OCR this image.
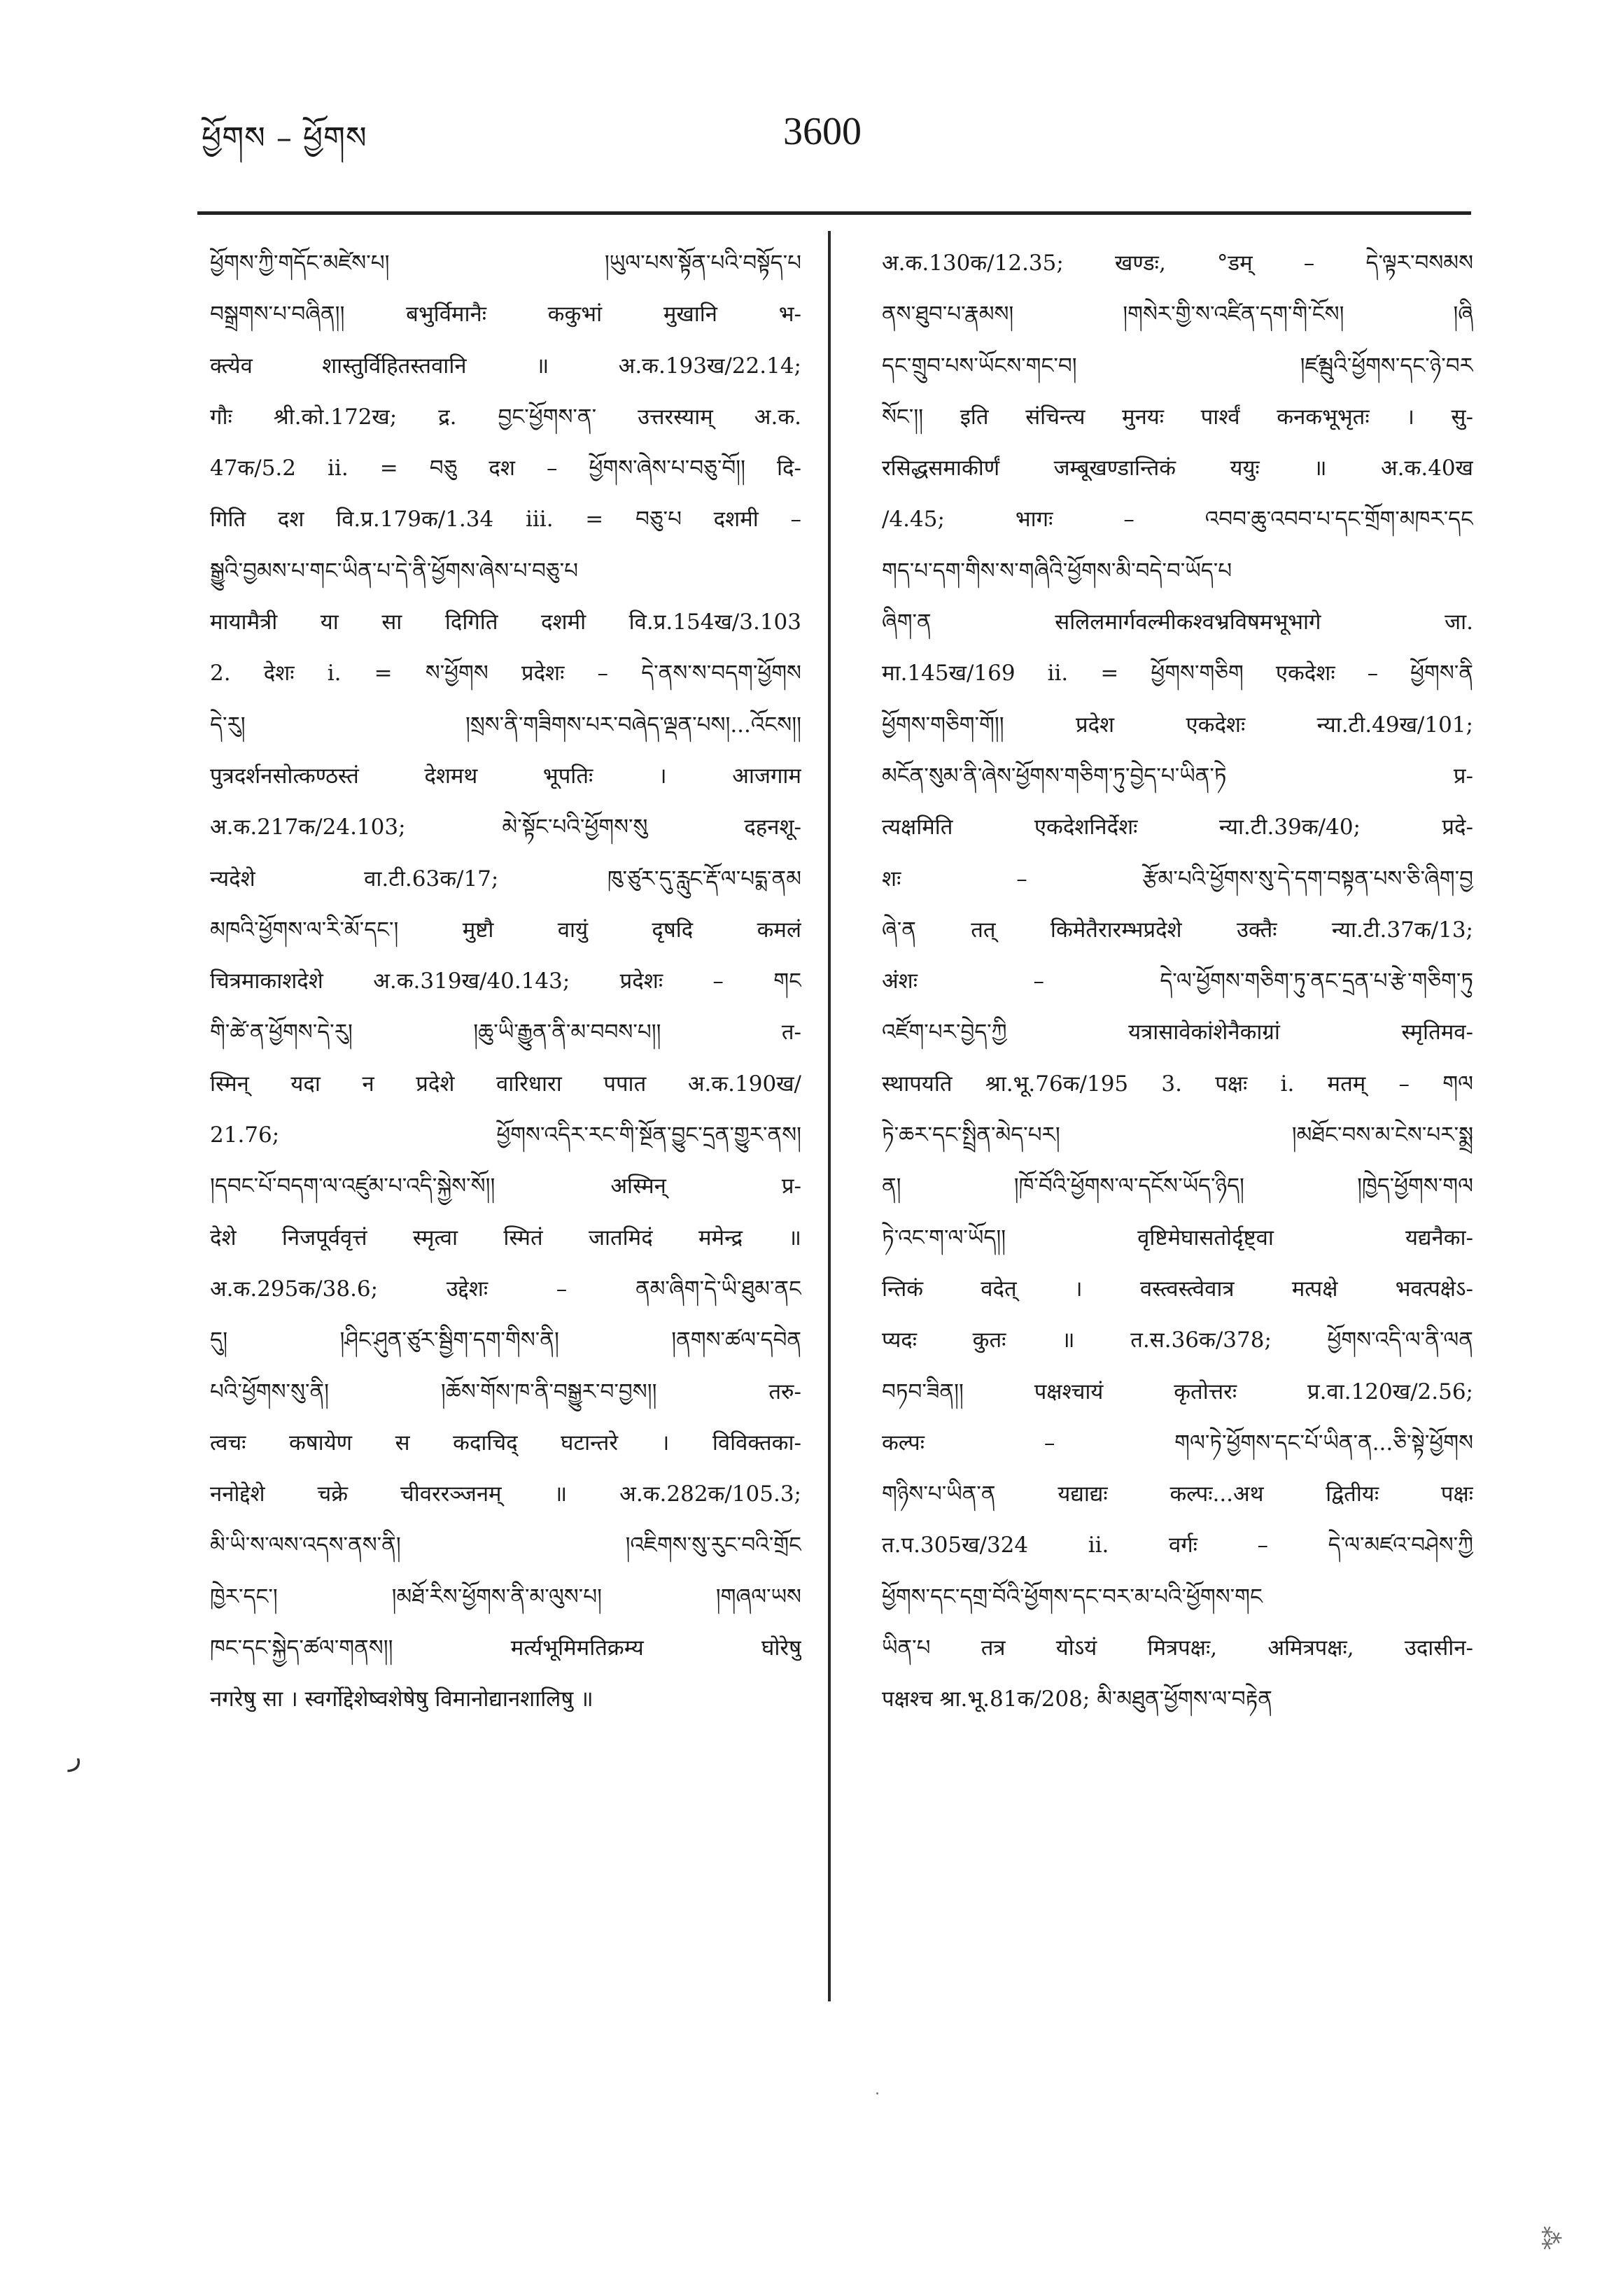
ཕྱོགས – ཕྱོགས	3600
ཕྱོགས་ཀྱི་གདོང་མཛེས་པ། །ཡུལ་པས་སྟོན་པའི་བསྟོད་པ
བསྒྲགས་པ་བཞིན།། बभुर्विमानैः ककुभां मुखानि भ-
क्त्येव शास्तुर्विहितस्तवानि ॥ अ.क.193ख/22.14;
गौः श्री.को.172ख; द्र. བྱང་ཕྱོགས་ན་ उत्तरस्याम् अ.क.
47क/5.2 ii. = བཅུ दश – ཕྱོགས་ཞེས་པ་བཅུ་བོ།། दि-
गिति दश वि.प्र.179क/1.34 iii. = བཅུ་པ दशमी –
སྒྱུའི་བྱམས་པ་གང་ཡིན་པ་དེ་ནི་ཕྱོགས་ཞེས་པ་བཅུ་པ
मायामैत्री या सा दिगिति दशमी वि.प्र.154ख/3.103
2. देशः i. = ས་ཕྱོགས प्रदेशः – དེ་ནས་ས་བདག་ཕྱོགས
དེ་རུ། །སྲས་ནི་གཟིགས་པར་བཞེད་ལྡན་པས།...འོངས།།
पुत्रदर्शनसोत्कण्ठस्तं देशमथ भूपतिः । आजगाम
अ.क.217क/24.103; མེ་སྟོང་པའི་ཕྱོགས་སུ दहनशू-
न्यदेशे वा.टी.63क/17; ཁུ་ཙུར་དུ་རླུང་རྡོ་ལ་པདྨ་ནམ
མཁའི་ཕྱོགས་ལ་རི་མོ་དང་། मुष्टौ वायुं दृषदि कमलं
चित्रमाकाशदेशे अ.क.319ख/40.143; प्रदेशः – གང
གི་ཚེ་ན་ཕྱོགས་དེ་རུ། །ཆུ་ཡི་རྒྱུན་ནི་མ་བབས་པ།། त-
स्मिन् यदा न प्रदेशे वारिधारा पपात अ.क.190ख/
21.76; ཕྱོགས་འདིར་རང་གི་སྔོན་བྱུང་དྲན་གྱུར་ནས།
།དབང་པོ་བདག་ལ་འཛུམ་པ་འདི་སྐྱེས་སོ།། अस्मिन् प्र-
देशे निजपूर्ववृत्तं स्मृत्वा स्मितं जातमिदं ममेन्द्र ॥
अ.क.295क/38.6; उद्देशः – ནམ་ཞིག་དེ་ཡི་ཐུམ་ནང
དུ། །ཤིང་ཤུན་ཙུར་སྦྱིག་དག་གིས་ནི། །ནགས་ཚལ་དབེན
པའི་ཕྱོགས་སུ་ནི། །ཆོས་གོས་ཁ་ནི་བསྒྱུར་བ་བྱས།། तरु-
त्वचः कषायेण स कदाचिद् घटान्तरे । विविक्तका-
ननोद्देशे चक्रे चीवररञ्जनम् ॥ अ.क.282क/105.3;
མི་ཡི་ས་ལས་འདས་ནས་ནི། །འཇིགས་སུ་རུང་བའི་གྲོང
ཁྱེར་དང་། །མཐོ་རིས་ཕྱོགས་ནི་མ་ལུས་པ། །གཞལ་ཡས
ཁང་དང་སྐྱེད་ཚལ་གནས།། मर्त्यभूमिमतिक्रम्य घोरेषु
नगरेषु सा । स्वर्गोद्देशेष्वशेषेषु विमानोद्यानशालिषु ॥
अ.क.130क/12.35; खण्डः, °डम् – དེ་ལྟར་བསམས
ནས་ཐུབ་པ་རྣམས། །གསེར་གྱི་ས་འཛིན་དག་གི་ངོས། །ཞི
དང་གྲུབ་པས་ཡོངས་གང་བ། །ཛམྦུའི་ཕྱོགས་དང་ཉེ་བར
སོང་།། इति संचिन्त्य मुनयः पार्श्वं कनकभूभृतः । सु-
रसिद्धसमाकीर्णं जम्बूखण्डान्तिकं ययुः ॥ अ.क.40ख
/4.45; भागः – འབབ་ཆུ་འབབ་པ་དང་གྲོག་མཁར་དང
གད་པ་དག་གིས་ས་གཞིའི་ཕྱོགས་མི་བདེ་བ་ཡོད་པ
ཞིག་ན सलिलमार्गवल्मीकश्वभ्रविषमभूभागे जा.
मा.145ख/169 ii. = ཕྱོགས་གཅིག एकदेशः – ཕྱོགས་ནི
ཕྱོགས་གཅིག་གོ།། प्रदेश एकदेशः न्या.टी.49ख/101;
མངོན་སུམ་ནི་ཞེས་ཕྱོགས་གཅིག་ཏུ་བྱེད་པ་ཡིན་ཏེ प्र-
त्यक्षमिति एकदेशनिर्देशः न्या.टी.39क/40; प्रदे-
शः – རྩོམ་པའི་ཕྱོགས་སུ་དེ་དག་བསྟན་པས་ཅི་ཞིག་བྱ
ཞེ་ན तत् किमेतैरारम्भप्रदेशे उक्तैः न्या.टी.37क/13;
अंशः – དེ་ལ་ཕྱོགས་གཅིག་ཏུ་ནང་དྲན་པ་རྩེ་གཅིག་ཏུ
འཛོག་པར་བྱེད་ཀྱི यत्रासावेकांशेनैकाग्रां स्मृतिमव-
स्थापयति श्रा.भू.76क/195 3. पक्षः i. मतम् – གལ
ཏེ་ཆར་དང་སྤྲིན་མེད་པར། །མཐོང་བས་མ་ངེས་པར་སྨྲ
ན། །ཁོ་བོའི་ཕྱོགས་ལ་དངོས་ཡོད་ཉིད། །ཁྱེད་ཕྱོགས་གལ
ཏེ་འང་ག་ལ་ཡོད།། वृष्टिमेघासतोर्दृष्ट्वा यद्यनैका-
न्तिकं वदेत् । वस्त्वस्त्वेवात्र मत्पक्षे भवत्पक्षेऽ-
प्यदः कुतः ॥ त.स.36क/378; ཕྱོགས་འདི་ལ་ནི་ལན
བཏབ་ཟིན།། पक्षश्चायं कृतोत्तरः प्र.वा.120ख/2.56;
कल्पः – གལ་ཏེ་ཕྱོགས་དང་པོ་ཡིན་ན...ཅི་སྟེ་ཕྱོགས
གཉིས་པ་ཡིན་ན यद्याद्यः कल्पः...अथ द्वितीयः पक्षः
त.प.305ख/324 ii. वर्गः – དེ་ལ་མཛའ་བཤེས་ཀྱི
ཕྱོགས་དང་དགྲ་བོའི་ཕྱོགས་དང་བར་མ་པའི་ཕྱོགས་གང
ཡིན་པ तत्र योऽयं मित्रपक्षः, अमित्रपक्षः, उदासीन-
पक्षश्च श्रा.भू.81क/208; མི་མཐུན་ཕྱོགས་ལ་བརྟེན
ر
⁂
